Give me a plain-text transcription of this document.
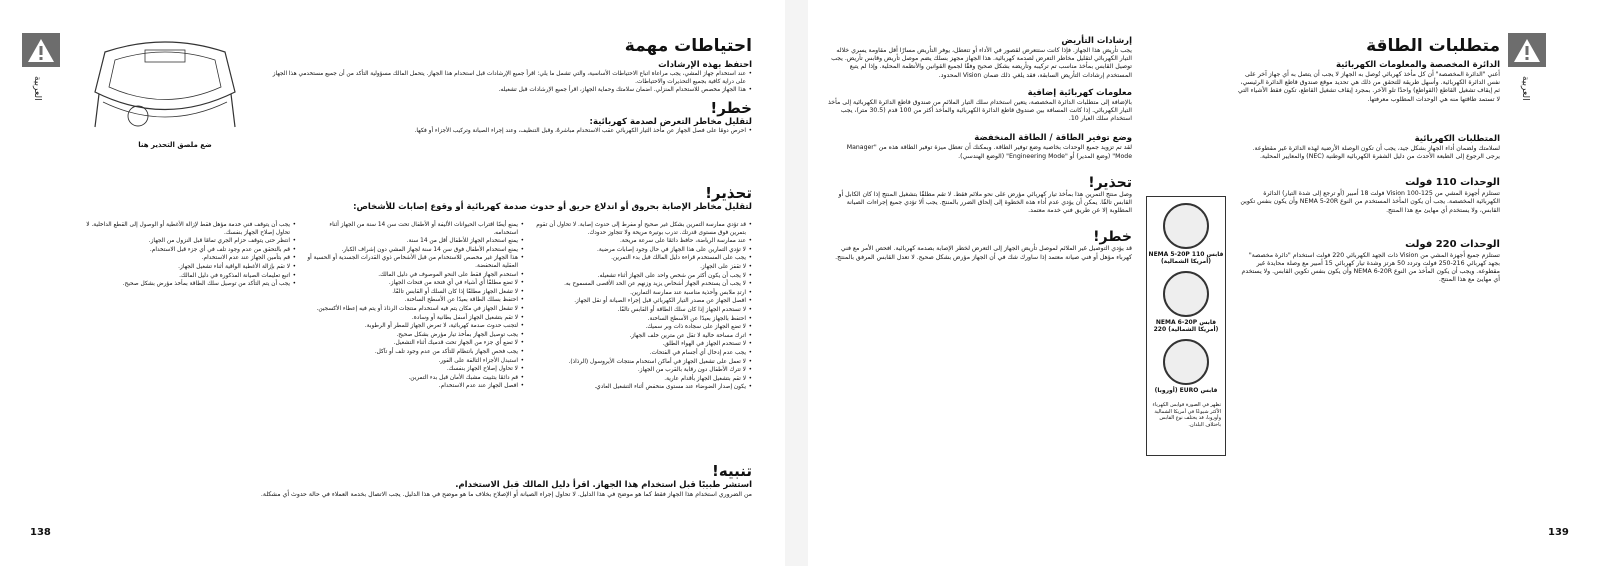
العربية
ضع ملصق التحذير هنا
احتياطات مهمة
احتفظ بهذه الإرشادات
• عند استخدام جهاز المشي، يجب مراعاة اتباع الاحتياطات الأساسية، والتي تشمل ما يلي: اقرأ جميع الإرشادات قبل استخدام هذا الجهاز. يتحمل المالك مسؤولية التأكد من أن جميع مستخدمي هذا الجهاز على دراية كافية بجميع التحذيرات والاحتياطات.
• هذا الجهاز مخصص للاستخدام المنزلي. اضمان سلامتك وحماية الجهاز، اقرأ جميع الإرشادات قبل تشغيله.
خطر!
لتقليل مخاطر التعرض لصدمة كهربائية:
• احرص دومًا على فصل الجهاز عن مأخذ التيار الكهربائي عقب الاستخدام مباشرةً، وقبل التنظيف، وعند إجراء الصيانة وتركيب الأجزاء أو فكها.
تحذير!
لتقليل مخاطر الإصابة بحروق أو اندلاع حريق أو حدوث صدمة كهربائية أو وقوع إصابات للأشخاص:
• قد تؤدي ممارسة التمرين بشكل غير صحيح أو مفرط إلى حدوث إصابة. لا تحاول أن تقوم بتمرين فوق مستوى قدرتك. تدرب بوتيرة مريحة ولا تتجاوز حدودك.
• عند ممارسة الرياضة، حافظ دائمًا على سرعة مريحة.
• لا تؤدي التمارين على هذا الجهاز في حال وجود إصابات مرضية.
• يجب على المستخدم قراءة دليل المالك قبل بدء التمرين.
• لا تقفز على الجهاز.
• لا يجب أن يكون أكثر من شخص واحد على الجهاز أثناء تشغيله.
• لا يجب أن يستخدم الجهاز أشخاص يزيد وزنهم عن الحد الأقصى المسموح به.
• ارتدِ ملابس وأحذية مناسبة عند ممارسة التمارين.
• افصل الجهاز عن مصدر التيار الكهربائي قبل إجراء الصيانة أو نقل الجهاز.
• لا تستخدم الجهاز إذا كان سلك الطاقة أو القابس تالفًا.
• احتفظ بالجهاز بعيدًا عن الأسطح الساخنة.
• لا تضع الجهاز على سجادة ذات وبر سميك.
• اترك مساحة خالية لا تقل عن مترين خلف الجهاز.
• لا تستخدم الجهاز في الهواء الطلق.
• يجب عدم إدخال أي أجسام في الفتحات.
• لا تعمل على تشغيل الجهاز في أماكن استخدام منتجات الأيروسول (الرذاذ).
• لا تترك الأطفال دون رقابة بالقرب من الجهاز.
• لا تقم بتشغيل الجهاز بأقدام عارية.
• يكون إصدار الضوضاء عند مستوى منخفض أثناء التشغيل العادي.
• يمنع أيضًا اقتراب الحيوانات الأليفة أو الأطفال تحت سن 14 سنة من الجهاز أثناء استخدامه.
• يمنع استخدام الجهاز للأطفال أقل من 14 سنة.
• يمنع استخدام الأطفال فوق سن 14 سنة لجهاز المشي دون إشراف الكبار.
• هذا الجهاز غير مخصص للاستخدام من قبل الأشخاص ذوي القدرات الجسدية أو الحسية أو العقلية المنخفضة.
• استخدم الجهاز فقط على النحو الموصوف في دليل المالك.
• لا تضع مطلقًا أي أشياء في أي فتحة من فتحات الجهاز.
• لا تشغل الجهاز مطلقًا إذا كان السلك أو القابس تالفًا.
• احتفظ بسلك الطاقة بعيدًا عن الأسطح الساخنة.
• لا تشغل الجهاز في مكان يتم فيه استخدام منتجات الرذاذ أو يتم فيه إعطاء الأكسجين.
• لا تقم بتشغيل الجهاز أسفل بطانية أو وسادة.
• لتجنب حدوث صدمة كهربائية، لا تعرض الجهاز للمطر أو الرطوبة.
• يجب توصيل الجهاز بمأخذ تيار مؤرض بشكل صحيح.
• لا تضع أي جزء من الجهاز تحت قدميك أثناء التشغيل.
• يجب فحص الجهاز بانتظام للتأكد من عدم وجود تلف أو تآكل.
• استبدل الأجزاء التالفة على الفور.
• لا تحاول إصلاح الجهاز بنفسك.
• قم دائمًا بتثبيت مشبك الأمان قبل بدء التمرين.
• افصل الجهاز عند عدم الاستخدام.
• يجب أن يتوقف فني خدمة مؤهل فقط لإزالة الأغطية أو الوصول إلى القطع الداخلية. لا تحاول إصلاح الجهاز بنفسك.
• انتظر حتى يتوقف حزام الجري تمامًا قبل النزول من الجهاز.
• قم بالتحقق من عدم وجود تلف في أي جزء قبل الاستخدام.
• قم بتأمين الجهاز عند عدم الاستخدام.
• لا تقم بإزالة الأغطية الواقية أثناء تشغيل الجهاز.
• اتبع تعليمات الصيانة المذكورة في دليل المالك.
• يجب أن يتم التأكد من توصيل سلك الطاقة بمأخذ مؤرض بشكل صحيح.
تنبيه!
استشر طبيبًا قبل استخدام هذا الجهاز. اقرأ دليل المالك قبل الاستخدام.

من الضروري استخدام هذا الجهاز فقط كما هو موضح في هذا الدليل. لا تحاول إجراء الصيانة أو الإصلاح بخلاف ما هو موضح في هذا الدليل. يجب الاتصال بخدمة العملاء في حالة حدوث أي مشكلة.

138
العربية
متطلبات الطاقة
الدائرة المخصصة والمعلومات الكهربائية

أعني "الدائرة المخصصة" أن كل مأخذ كهربائي تُوصل به الجهاز لا يجب أن يتصل به أي جهاز آخر على نفس الدائرة الكهربائية. وأسهل طريقة للتحقق من ذلك هي تحديد موقع صندوق قاطع الدائرة الرئيسي، ثم إيقاف تشغيل القاطع (القواطع) واحدًا تلو الآخر. بمجرد إيقاف تشغيل القاطع، تكون فقط الأشياء التي لا تستمد طاقتها منه هي الوحدات المطلوب معرفتها.

المتطلبات الكهربائية

لسلامتك ولضمان أداء الجهاز بشكل جيد، يجب أن تكون الوصلة الأرضية لهذه الدائرة غير مقطوعة. يرجى الرجوع إلى الطبعة الأحدث من دليل الشفرة الكهربائية الوطنية (NEC) والمعايير المحلية.

الوحدات 110 فولت

تستلزم أجهزة المشي من Vision 100-125 فولت 18 أمبير (أو ترجع إلى شدة التيار) الدائرة الكهربائية المخصصة. يجب أن يكون المأخذ المستخدم من النوع NEMA 5-20R وأن يكون بنفس تكوين القابس، ولا يستخدم أي مهايئ مع هذا المنتج.

الوحدات 220 فولت

تستلزم جميع أجهزة المشي من Vision ذات الجهد الكهربائي 220 فولت استخدام "دائرة مخصصة" بجهد كهربائي 216-250 فولت وتردد 50 هرتز وشدة تيار كهربائي 15 أمبير مع وصلة محايدة غير مقطوعة. ويجب أن يكون المأخذ من النوع NEMA 6-20R وأن يكون بنفس تكوين القابس. ولا يستخدم أي مهايئ مع هذا المنتج.

قابس 110 NEMA 5-20P (أمريكا الشمالية)
قابس NEMA 6-20P (أمريكا الشمالية) 220
قابس EURO (أوروبا)
تظهر في الصورة قوابس الكهرباء الأكثر شيوعًا في أمريكا الشمالية وأوروبا، قد يختلف نوع القابس باختلاف البلدان.
إرشادات التأريض

يجب تأريض هذا الجهاز. فإذا كانت ستتعرض لقصور في الأداء أو تتعطل، يوفر التأريض مسارًا أقل مقاومة يسري خلاله التيار الكهربائي لتقليل مخاطر التعرض لصدمة كهربائية. هذا الجهاز مجهز بسلك يضم موصل تأريض وقابس تأريض. يجب توصيل القابس بمأخذ مناسب تم تركيبه وتأريضه بشكل صحيح وفقًا لجميع القوانين والأنظمة المحلية. وإذا لم يتبع المستخدم إرشادات التأريض السابقة، فقد يلغي ذلك ضمان Vision المحدود.

معلومات كهربائية إضافية

بالإضافة إلى متطلبات الدائرة المخصصة، يتعين استخدام سلك التيار الملائم من صندوق قاطع الدائرة الكهربائية إلى مأخذ التيار الكهربائي. إذا كانت المسافة بين صندوق قاطع الدائرة الكهربائية والمأخذ أكثر من 100 قدم (30.5 متر)، يجب استخدام سلك العيار 10.

وضع توفير الطاقة / الطاقة المنخفضة

لقد تم تزويد جميع الوحدات بخاصية وضع توفير الطاقة. وبمكنك أن تعطل ميزة توفير الطاقة هذه من "Manager Mode" (وضع المدير) أو "Engineering Mode" (الوضع الهندسي).

تحذير!

وصل منتج التمرين هذا بمأخذ تيار كهربائي مؤرض على نحو ملائم فقط. لا تقم مطلقًا بتشغيل المنتج إذا كان الكابل أو القابس تالفًا. يمكن أن يؤدي عدم أداء هذه الخطوة إلى إلحاق الضرر بالمنتج. يجب ألا تؤدي جميع إجراءات الصيانة المطلوبة إلا عن طريق فني خدمة معتمد.

خطر!

قد يؤدي التوصيل غير الملائم لموصل تأريض الجهاز إلى التعرض لخطر الإصابة بصدمة كهربائية. افحص الأمر مع فني كهرباء مؤهل أو فني صيانة معتمد إذا ساورك شك في أن الجهاز مؤرض بشكل صحيح. لا تعدل القابس المرفق بالمنتج.

139
